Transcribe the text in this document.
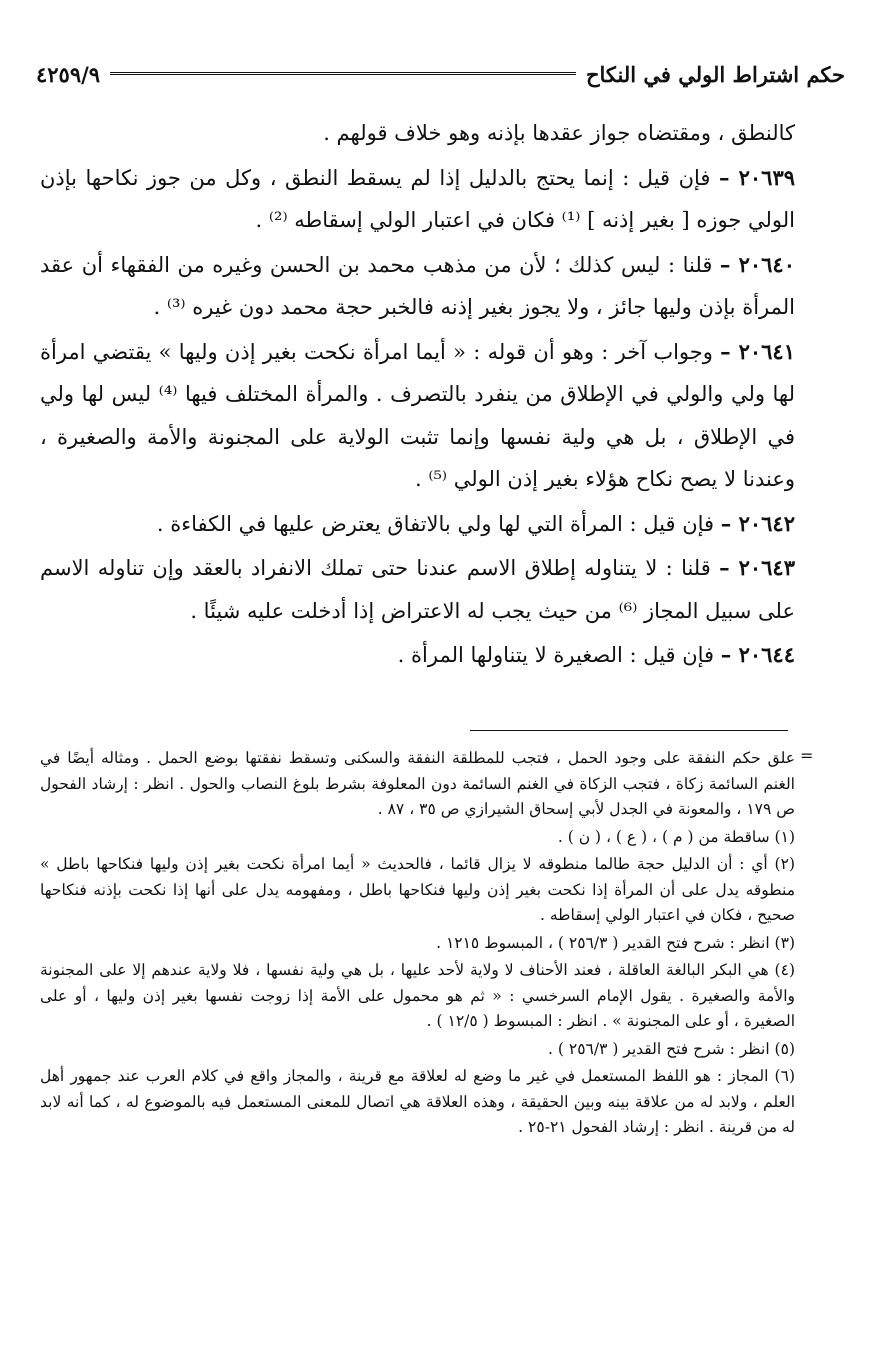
حكم اشتراط الولي في النكاح
٤٢٥٩/٩

كالنطق ، ومقتضاه جواز عقدها بإذنه وهو خلاف قولهم .

٢٠٦٣٩ – فإن قيل : إنما يحتج بالدليل إذا لم يسقط النطق ، وكل من جوز نكاحها بإذن الولي جوزه [ بغير إذنه ] ⁽¹⁾ فكان في اعتبار الولي إسقاطه ⁽²⁾ .

٢٠٦٤٠ – قلنا : ليس كذلك ؛ لأن من مذهب محمد بن الحسن وغيره من الفقهاء أن عقد المرأة بإذن وليها جائز ، ولا يجوز بغير إذنه فالخبر حجة محمد دون غيره ⁽³⁾ .

٢٠٦٤١ – وجواب آخر : وهو أن قوله : « أيما امرأة نكحت بغير إذن وليها » يقتضي امرأة لها ولي والولي في الإطلاق من ينفرد بالتصرف . والمرأة المختلف فيها ⁽⁴⁾ ليس لها ولي في الإطلاق ، بل هي ولية نفسها وإنما تثبت الولاية على المجنونة والأمة والصغيرة ، وعندنا لا يصح نكاح هؤلاء بغير إذن الولي ⁽⁵⁾ .

٢٠٦٤٢ – فإن قيل : المرأة التي لها ولي بالاتفاق يعترض عليها في الكفاءة .

٢٠٦٤٣ – قلنا : لا يتناوله إطلاق الاسم عندنا حتى تملك الانفراد بالعقد وإن تناوله الاسم على سبيل المجاز ⁽⁶⁾ من حيث يجب له الاعتراض إذا أدخلت عليه شيئًا .

٢٠٦٤٤ – فإن قيل : الصغيرة لا يتناولها المرأة .

=

علق حكم النفقة على وجود الحمل ، فتجب للمطلقة النفقة والسكنى وتسقط نفقتها بوضع الحمل . ومثاله أيضًا في الغنم السائمة زكاة ، فتجب الزكاة في الغنم السائمة دون المعلوفة بشرط بلوغ النصاب والحول . انظر : إرشاد الفحول ص ١٧٩ ، والمعونة في الجدل لأبي إسحاق الشيرازي ص ٣٥ ، ٨٧ .

(١) ساقطة من ( م ) ، ( ع ) ، ( ن ) .

(٢) أي : أن الدليل حجة طالما منطوقه لا يزال قائما ، فالحديث « أيما امرأة نكحت بغير إذن وليها فنكاحها باطل » منطوقه يدل على أن المرأة إذا نكحت بغير إذن وليها فنكاحها باطل ، ومفهومه يدل على أنها إذا نكحت بإذنه فنكاحها صحيح ، فكان في اعتبار الولي إسقاطه .

(٣) انظر : شرح فتح القدير ( ٢٥٦/٣ ) ، المبسوط ١٢١٥ .

(٤) هي البكر البالغة العاقلة ، فعند الأحناف لا ولاية لأحد عليها ، بل هي ولية نفسها ، فلا ولاية عندهم إلا على المجنونة والأمة والصغيرة . يقول الإمام السرخسي : « ثم هو محمول على الأمة إذا زوجت نفسها بغير إذن وليها ، أو على الصغيرة ، أو على المجنونة » . انظر : المبسوط ( ١٢/٥ ) .

(٥) انظر : شرح فتح القدير ( ٢٥٦/٣ ) .

(٦) المجاز : هو اللفظ المستعمل في غير ما وضع له لعلاقة مع قرينة ، والمجاز واقع في كلام العرب عند جمهور أهل العلم ، ولابد له من علاقة بينه وبين الحقيقة ، وهذه العلاقة هي اتصال للمعنى المستعمل فيه بالموضوع له ، كما أنه لابد له من قرينة . انظر : إرشاد الفحول ٢١-٢٥ .
